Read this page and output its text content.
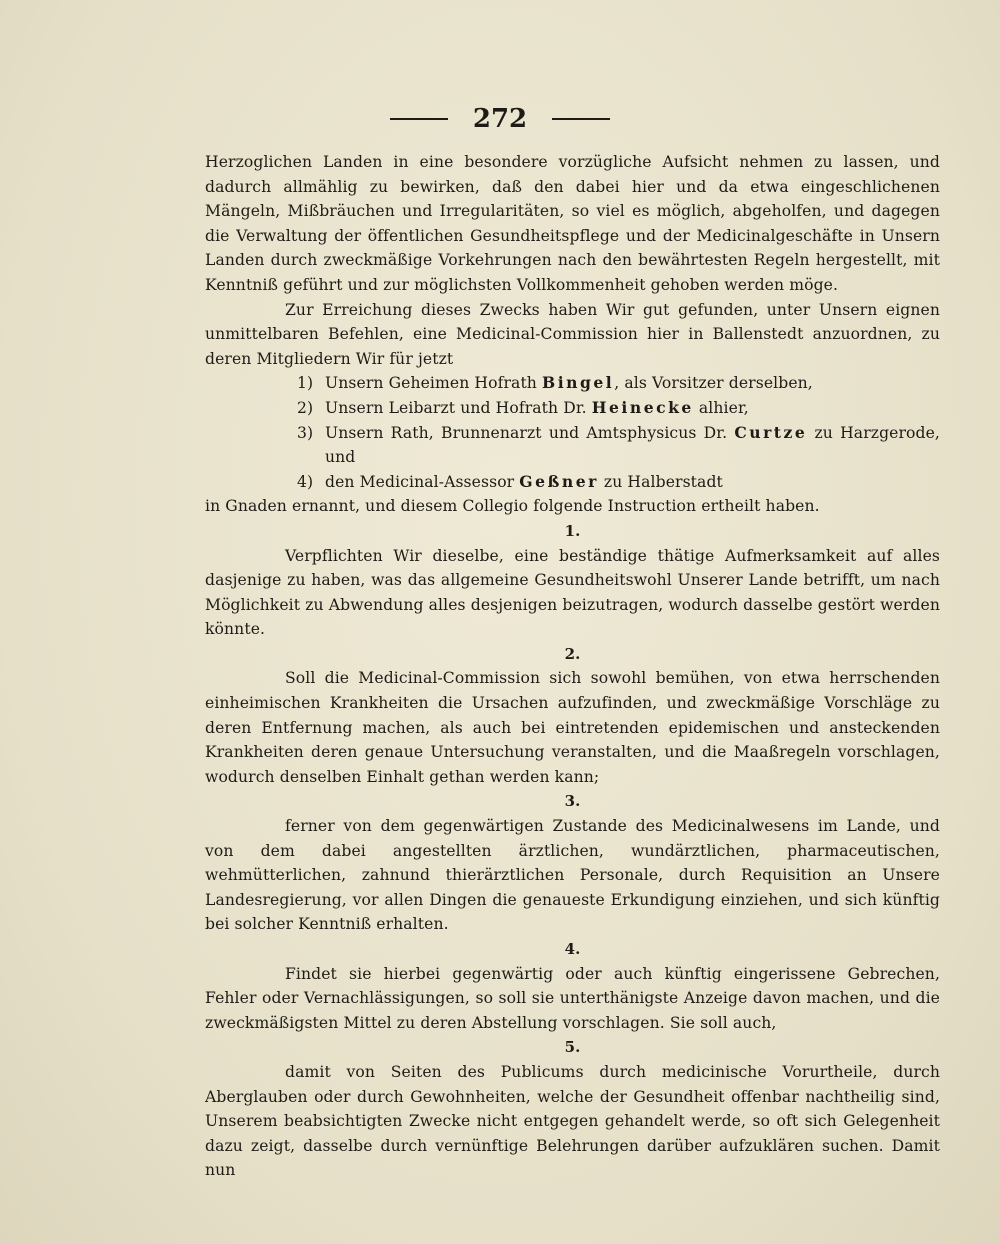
272

Herzoglichen Landen in eine besondere vorzügliche Aufsicht nehmen zu lassen, und dadurch allmählig zu bewirken, daß den dabei hier und da etwa eingeschlichenen Mängeln, Mißbräuchen und Irregularitäten, so viel es möglich, abgeholfen, und dagegen die Verwaltung der öffentlichen Gesundheitspflege und der Medicinalgeschäfte in Unsern Landen durch zweckmäßige Vorkehrungen nach den bewährtesten Regeln hergestellt, mit Kenntniß geführt und zur möglichsten Vollkommenheit gehoben werden möge.

Zur Erreichung dieses Zwecks haben Wir gut gefunden, unter Unsern eignen unmittelbaren Befehlen, eine Medicinal-Commission hier in Ballenstedt anzuordnen, zu deren Mitgliedern Wir für jetzt

1) Unsern Geheimen Hofrath Bingel, als Vorsitzer derselben,
2) Unsern Leibarzt und Hofrath Dr. Heinecke alhier,
3) Unsern Rath, Brunnenarzt und Amtsphysicus Dr. Curtze zu Harzgerode, und
4) den Medicinal-Assessor Geßner zu Halberstadt

in Gnaden ernannt, und diesem Collegio folgende Instruction ertheilt haben.

1.

Verpflichten Wir dieselbe, eine beständige thätige Aufmerksamkeit auf alles dasjenige zu haben, was das allgemeine Gesundheitswohl Unserer Lande betrifft, um nach Möglichkeit zu Abwendung alles desjenigen beizutragen, wodurch dasselbe gestört werden könnte.

2.

Soll die Medicinal-Commission sich sowohl bemühen, von etwa herrschenden einheimischen Krankheiten die Ursachen aufzufinden, und zweckmäßige Vorschläge zu deren Entfernung machen, als auch bei eintretenden epidemischen und ansteckenden Krankheiten deren genaue Untersuchung veranstalten, und die Maaßregeln vorschlagen, wodurch denselben Einhalt gethan werden kann;

3.

ferner von dem gegenwärtigen Zustande des Medicinalwesens im Lande, und von dem dabei angestellten ärztlichen, wundärztlichen, pharmaceutischen, wehmütterlichen, zahnund thierärztlichen Personale, durch Requisition an Unsere Landesregierung, vor allen Dingen die genaueste Erkundigung einziehen, und sich künftig bei solcher Kenntniß erhalten.

4.

Findet sie hierbei gegenwärtig oder auch künftig eingerissene Gebrechen, Fehler oder Vernachlässigungen, so soll sie unterthänigste Anzeige davon machen, und die zweckmäßigsten Mittel zu deren Abstellung vorschlagen. Sie soll auch,

5.

damit von Seiten des Publicums durch medicinische Vorurtheile, durch Aberglauben oder durch Gewohnheiten, welche der Gesundheit offenbar nachtheilig sind, Unserem beabsichtigten Zwecke nicht entgegen gehandelt werde, so oft sich Gelegenheit dazu zeigt, dasselbe durch vernünftige Belehrungen darüber aufzuklären suchen. Damit nun
